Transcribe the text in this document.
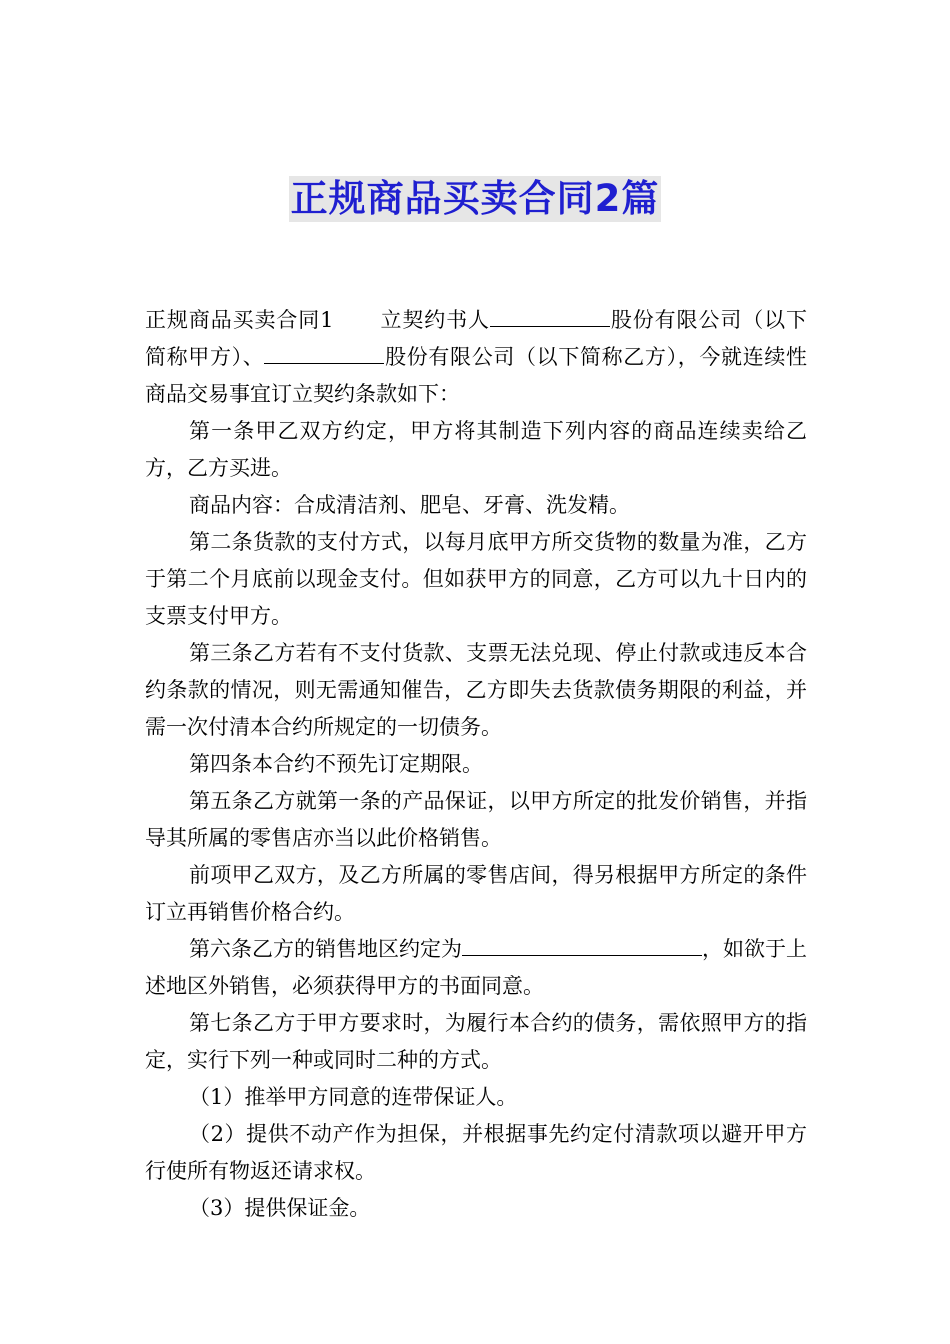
正规商品买卖合同2篇

正规商品买卖合同1 立契约书人	股份有限公司（以下简称甲方）、	股份有限公司（以下简称乙方），今就连续性商品交易事宜订立契约条款如下：

第一条甲乙双方约定，甲方将其制造下列内容的商品连续卖给乙方，乙方买进。

商品内容：合成清洁剂、肥皂、牙膏、洗发精。

第二条货款的支付方式，以每月底甲方所交货物的数量为准，乙方于第二个月底前以现金支付。但如获甲方的同意，乙方可以九十日内的支票支付甲方。

第三条乙方若有不支付货款、支票无法兑现、停止付款或违反本合约条款的情况，则无需通知催告，乙方即失去货款债务期限的利益，并需一次付清本合约所规定的一切债务。

第四条本合约不预先订定期限。

第五条乙方就第一条的产品保证，以甲方所定的批发价销售，并指导其所属的零售店亦当以此价格销售。

前项甲乙双方，及乙方所属的零售店间，得另根据甲方所定的条件订立再销售价格合约。

第六条乙方的销售地区约定为	，如欲于上述地区外销售，必须获得甲方的书面同意。

第七条乙方于甲方要求时，为履行本合约的债务，需依照甲方的指定，实行下列一种或同时二种的方式。

（1）推举甲方同意的连带保证人。

（2）提供不动产作为担保，并根据事先约定付清款项以避开甲方行使所有物返还请求权。

（3）提供保证金。
